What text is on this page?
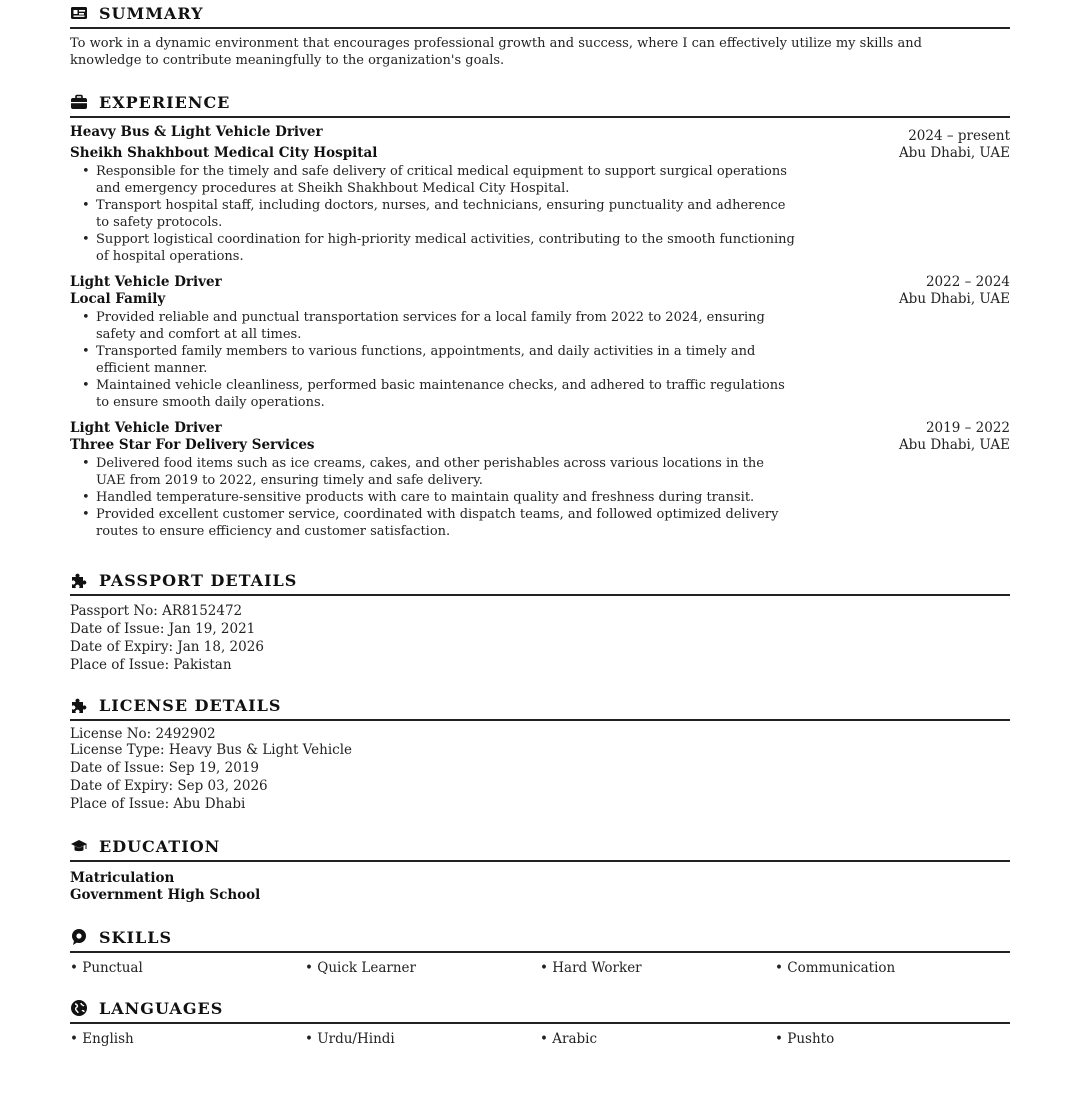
SUMMARY
To work in a dynamic environment that encourages professional growth and success, where I can effectively utilize my skills and knowledge to contribute meaningfully to the organization's goals.
EXPERIENCE
Heavy Bus & Light Vehicle Driver	2024 – present
Sheikh Shakhbout Medical City Hospital	Abu Dhabi, UAE
• Responsible for the timely and safe delivery of critical medical equipment to support surgical operations and emergency procedures at Sheikh Shakhbout Medical City Hospital.
• Transport hospital staff, including doctors, nurses, and technicians, ensuring punctuality and adherence to safety protocols.
• Support logistical coordination for high-priority medical activities, contributing to the smooth functioning of hospital operations.
Light Vehicle Driver	2022 – 2024
Local Family	Abu Dhabi, UAE
• Provided reliable and punctual transportation services for a local family from 2022 to 2024, ensuring safety and comfort at all times.
• Transported family members to various functions, appointments, and daily activities in a timely and efficient manner.
• Maintained vehicle cleanliness, performed basic maintenance checks, and adhered to traffic regulations to ensure smooth daily operations.
Light Vehicle Driver	2019 – 2022
Three Star For Delivery Services	Abu Dhabi, UAE
• Delivered food items such as ice creams, cakes, and other perishables across various locations in the UAE from 2019 to 2022, ensuring timely and safe delivery.
• Handled temperature-sensitive products with care to maintain quality and freshness during transit.
• Provided excellent customer service, coordinated with dispatch teams, and followed optimized delivery routes to ensure efficiency and customer satisfaction.
PASSPORT DETAILS
Passport No: AR8152472
Date of Issue: Jan 19, 2021
Date of Expiry: Jan 18, 2026
Place of Issue: Pakistan
LICENSE DETAILS
License No: 2492902
License Type: Heavy Bus & Light Vehicle
Date of Issue: Sep 19, 2019
Date of Expiry: Sep 03, 2026
Place of Issue: Abu Dhabi
EDUCATION
Matriculation
Government High School
SKILLS
• Punctual	• Quick Learner	• Hard Worker	• Communication
LANGUAGES
• English	• Urdu/Hindi	• Arabic	• Pushto
